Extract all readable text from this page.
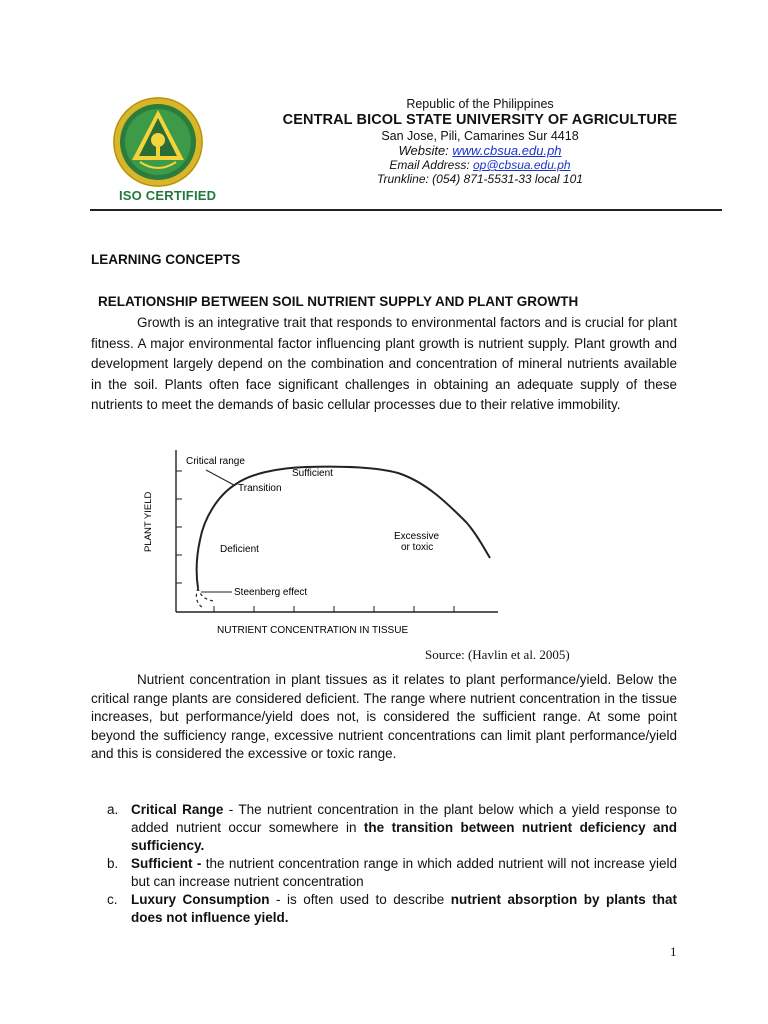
ISO CERTIFIED
Republic of the Philippines
CENTRAL BICOL STATE UNIVERSITY OF AGRICULTURE
San Jose, Pili, Camarines Sur 4418
Website: www.cbsua.edu.ph
Email Address: op@cbsua.edu.ph
Trunkline: (054) 871-5531-33 local 101
LEARNING CONCEPTS
RELATIONSHIP BETWEEN SOIL NUTRIENT SUPPLY AND PLANT GROWTH
Growth is an integrative trait that responds to environmental factors and is crucial for plant fitness. A major environmental factor influencing plant growth is nutrient supply. Plant growth and development largely depend on the combination and concentration of mineral nutrients available in the soil. Plants often face significant challenges in obtaining an adequate supply of these nutrients to meet the demands of basic cellular processes due to their relative immobility.
Critical range
Sufficient
Transition
Deficient
Excessive
or toxic
Steenberg effect
PLANT YIELD
NUTRIENT CONCENTRATION IN TISSUE
Source: (Havlin et al. 2005)
Nutrient concentration in plant tissues as it relates to plant performance/yield. Below the critical range plants are considered deficient. The range where nutrient concentration in the tissue increases, but performance/yield does not, is considered the sufficient range. At some point beyond the sufficiency range, excessive nutrient concentrations can limit plant performance/yield and this is considered the excessive or toxic range.
a. Critical Range - The nutrient concentration in the plant below which a yield response to added nutrient occur somewhere in the transition between nutrient deficiency and sufficiency.
b. Sufficient - the nutrient concentration range in which added nutrient will not increase yield but can increase nutrient concentration
c. Luxury Consumption - is often used to describe nutrient absorption by plants that does not influence yield.
1
